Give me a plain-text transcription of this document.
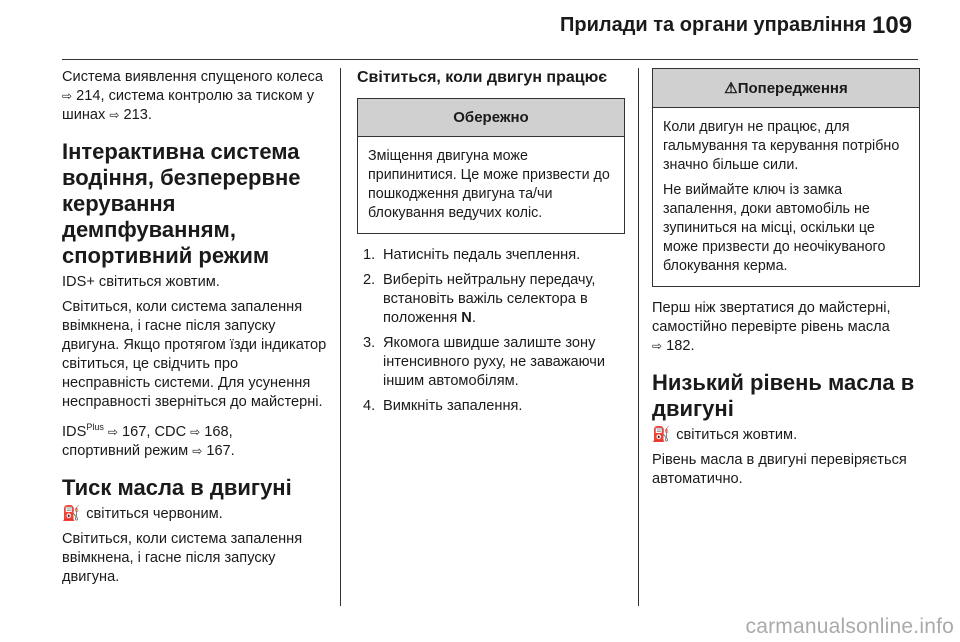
Прилади та органи управління 109

Система виявлення спущеного колеса ⇨ 214, система контролю за тиском у шинах ⇨ 213.

Інтерактивна система водіння, безперервне керування демпфуванням, спортивний режим

IDS+ світиться жовтим.

Світиться, коли система запалення ввімкнена, і гасне після запуску двигуна. Якщо протягом їзди індикатор світиться, це свідчить про несправність системи. Для усунення несправності зверніться до майстерні.

$IDS^{Plus}$ ⇨ 167, CDC ⇨ 168,
спортивний режим ⇨ 167.

Тиск масла в двигуні

⛽ світиться червоним.

Світиться, коли система запалення ввімкнена, і гасне після запуску двигуна.

Світиться, коли двигун працює
Обережно

Зміщення двигуна може припинитися. Це може призвести до пошкодження двигуна та/чи блокування ведучих коліс.

1. Натисніть педаль зчеплення.
2. Виберіть нейтральну передачу, встановіть важіль селектора в положення N.
3. Якомога швидше залиште зону інтенсивного руху, не заважаючи іншим автомобілям.
4. Вимкніть запалення.
⚠Попередження

Коли двигун не працює, для гальмування та керування потрібно значно більше сили.

Не виймайте ключ із замка запалення, доки автомобіль не зупиниться на місці, оскільки це може призвести до неочікуваного блокування керма.

Перш ніж звертатися до майстерні, самостійно перевірте рівень масла
⇨ 182.

Низький рівень масла в двигуні

⛽ світиться жовтим.

Рівень масла в двигуні перевіряється автоматично.

carmanualsonline.info
